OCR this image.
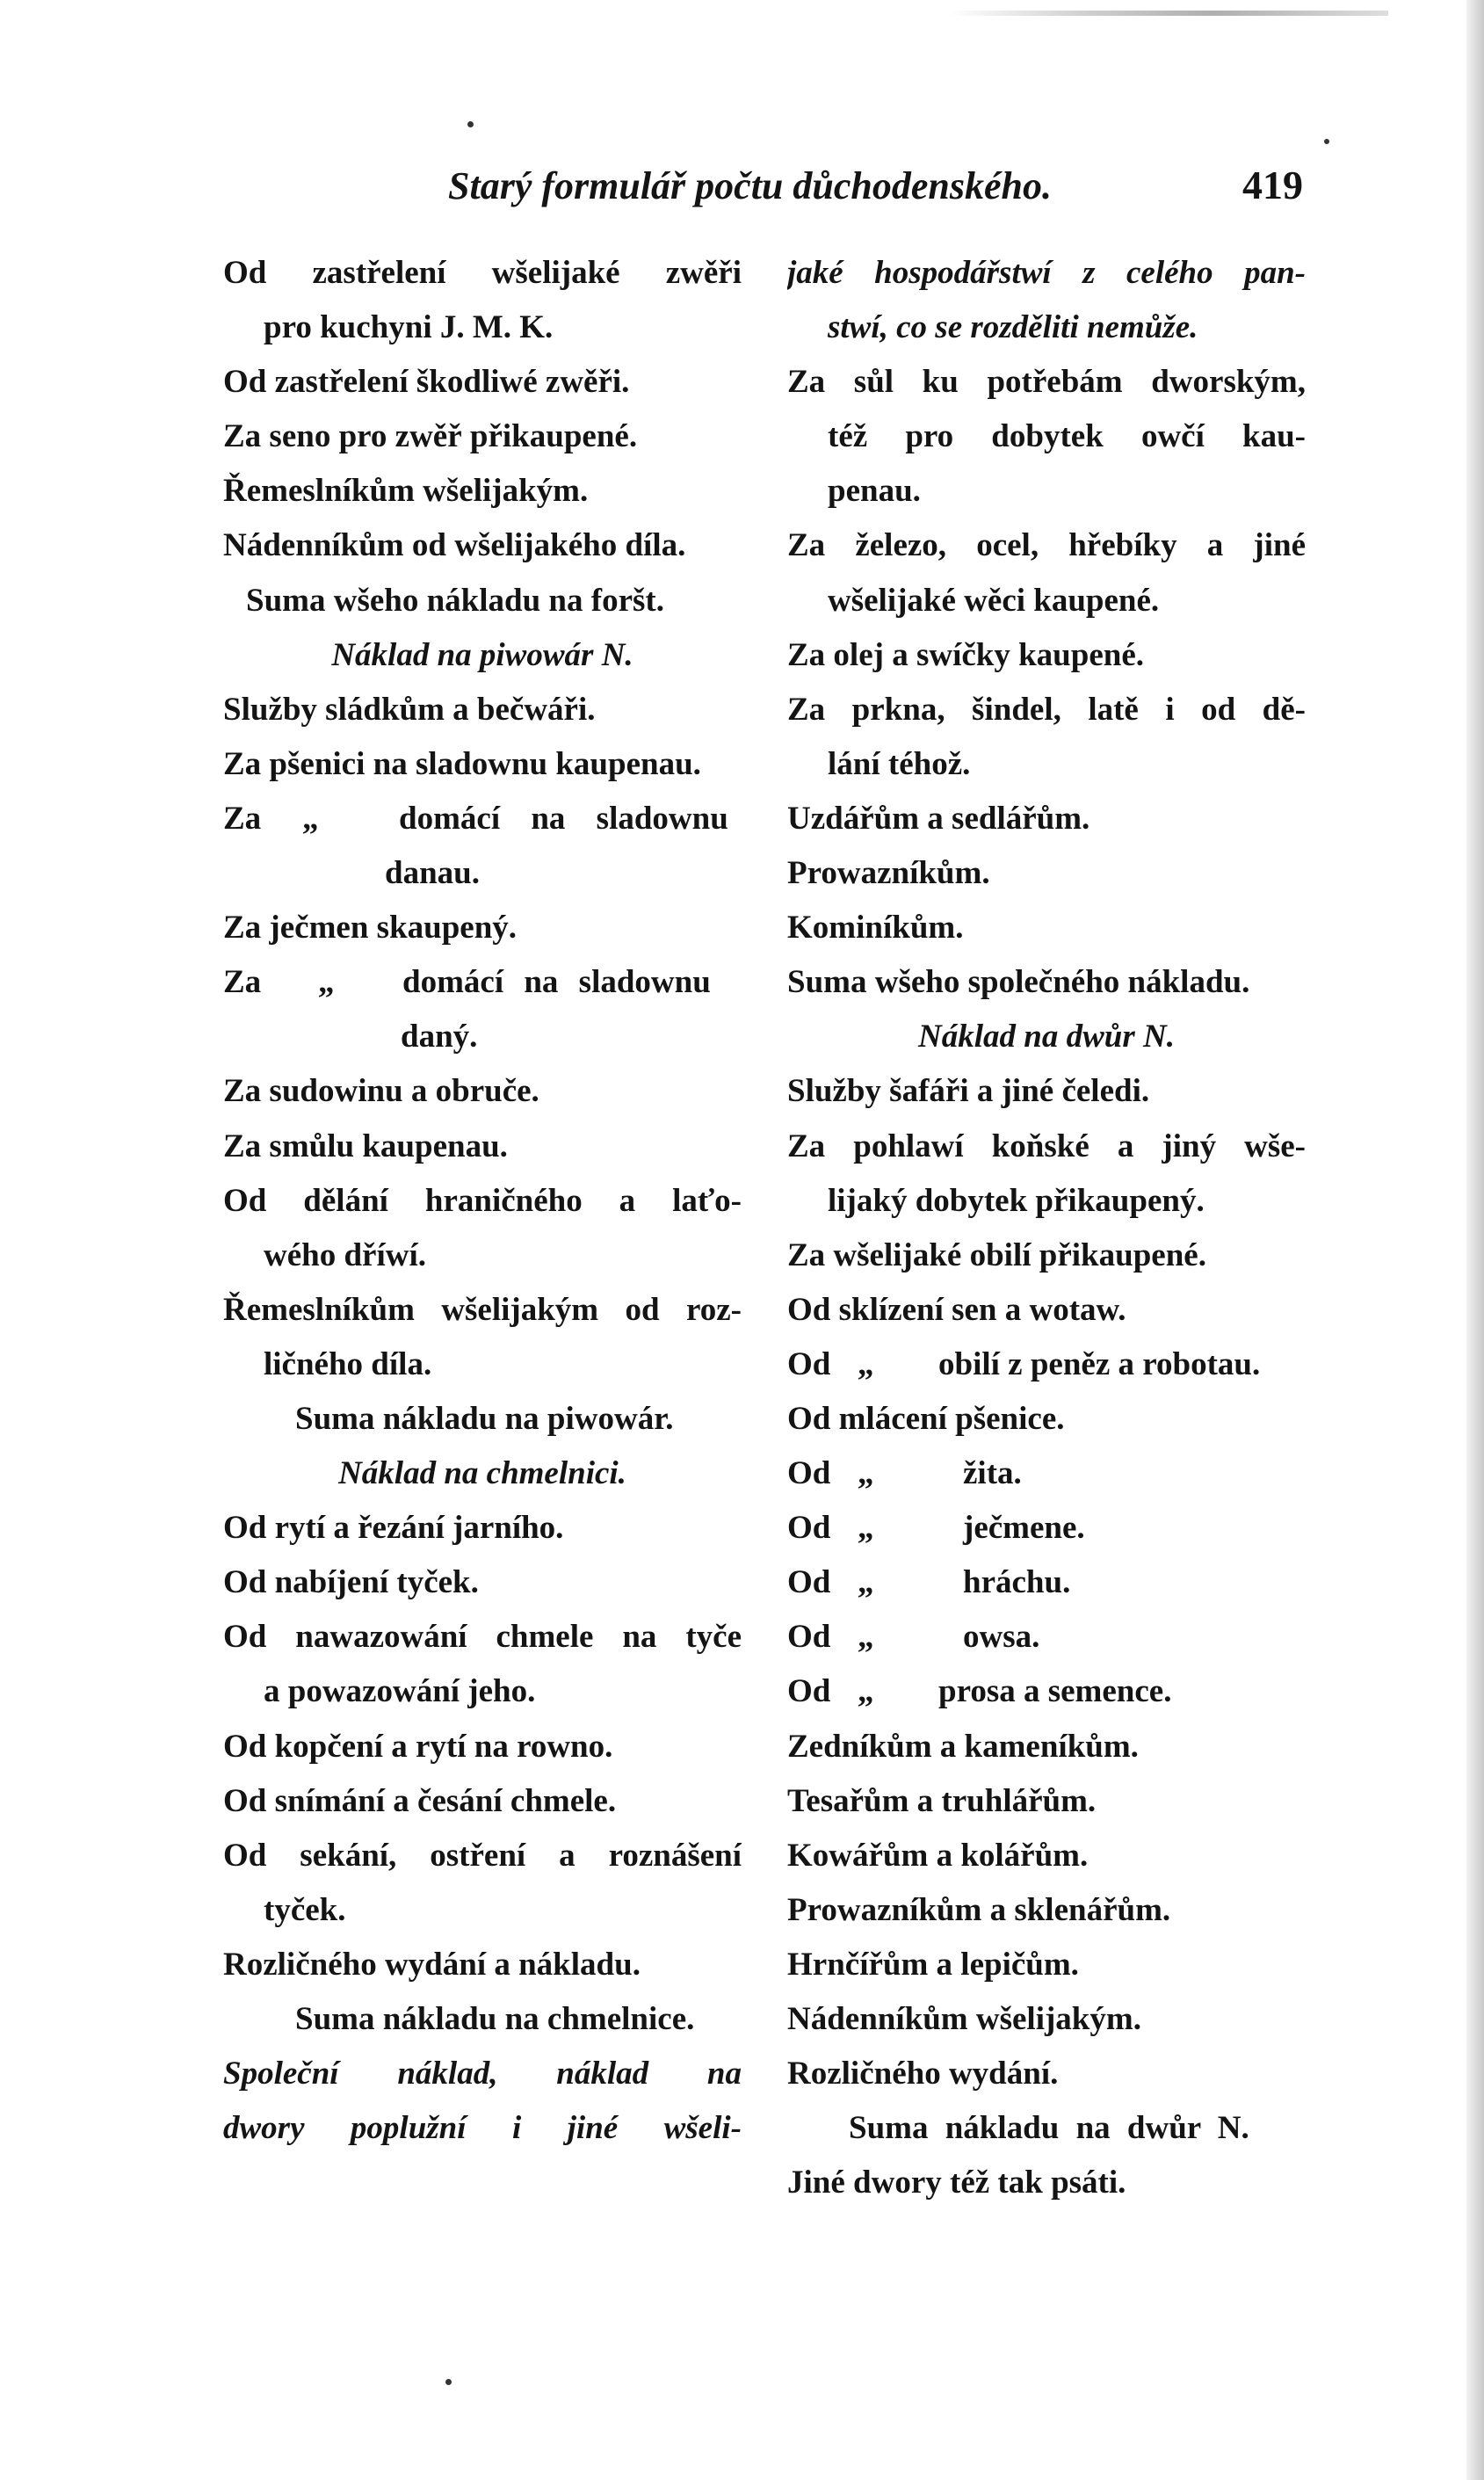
Starý formulář počtu důchodenského.	419
Od zastřelení wšelijaké zwěři
pro kuchyni J. M. K.
Od zastřelení škodliwé zwěři.
Za seno pro zwěř přikaupené.
Řemeslníkům wšelijakým.
Nádenníkům od wšelijakého díla.
Suma wšeho nákladu na foršt.
Náklad na piwowár N.
Služby sládkům a bečwáři.
Za pšenici na sladownu kaupenau.
Za „ domácí na sladownu
danau.
Za ječmen skaupený.
Za „ domácí na sladownu
daný.
Za sudowinu a obruče.
Za smůlu kaupenau.
Od dělání hraničného a laťo-
wého dříwí.
Řemeslníkům wšelijakým od roz-
ličného díla.
Suma nákladu na piwowár.
Náklad na chmelnici.
Od rytí a řezání jarního.
Od nabíjení tyček.
Od nawazowání chmele na tyče
a powazowání jeho.
Od kopčení a rytí na rowno.
Od snímání a česání chmele.
Od sekání, ostření a roznášení
tyček.
Rozličného wydání a nákladu.
Suma nákladu na chmelnice.
Společní náklad, náklad na
dwory poplužní i jiné wšeli-
jaké hospodářstwí z celého pan-
stwí, co se rozděliti nemůže.
Za sůl ku potřebám dworským,
též pro dobytek owčí kau-
penau.
Za železo, ocel, hřebíky a jiné
wšelijaké wěci kaupené.
Za olej a swíčky kaupené.
Za prkna, šindel, latě i od dě-
lání téhož.
Uzdářům a sedlářům.
Prowazníkům.
Kominíkům.
Suma wšeho společného nákladu.
Náklad na dwůr N.
Služby šafáři a jiné čeledi.
Za pohlawí koňské a jiný wše-
lijaký dobytek přikaupený.
Za wšelijaké obilí přikaupené.
Od sklízení sen a wotaw.
Od „ obilí z peněz a robotau.
Od mlácení pšenice.
Od „	žita.
Od „	ječmene.
Od „	hráchu.
Od „	owsa.
Od „ prosa a semence.
Zedníkům a kameníkům.
Tesařům a truhlářům.
Kowářům a kolářům.
Prowazníkům a sklenářům.
Hrnčířům a lepičům.
Nádenníkům wšelijakým.
Rozličného wydání.
Suma nákladu na dwůr N.
Jiné dwory též tak psáti.
